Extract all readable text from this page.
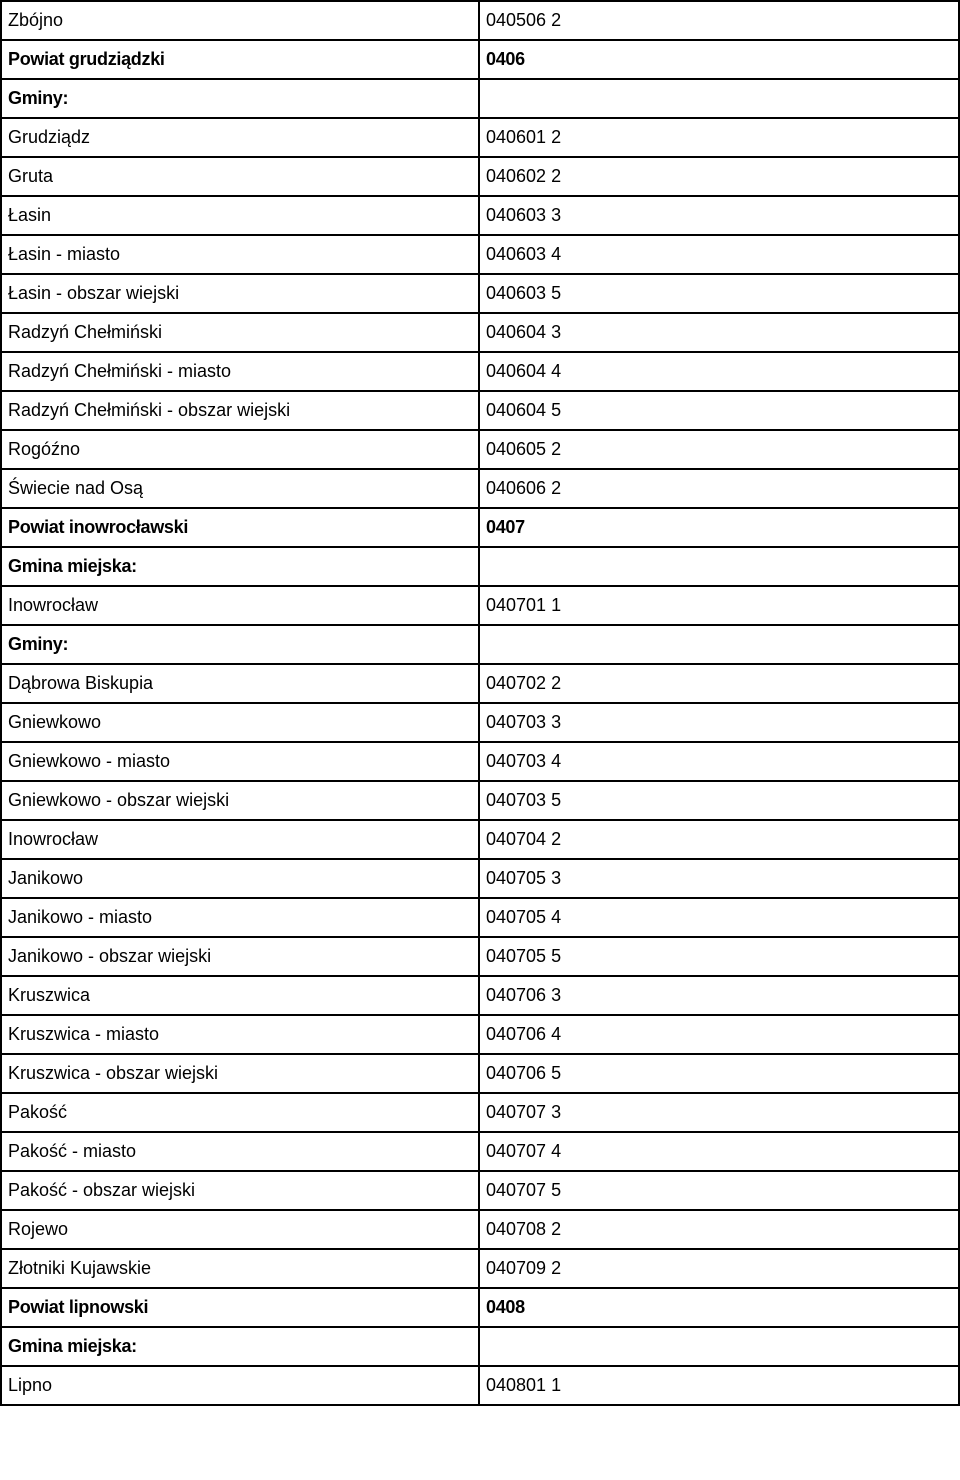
Zbójno	040506 2
Powiat grudziądzki	0406
Gminy:	
Grudziądz	040601 2
Gruta	040602 2
Łasin	040603 3
Łasin - miasto	040603 4
Łasin - obszar wiejski	040603 5
Radzyń Chełmiński	040604 3
Radzyń Chełmiński - miasto	040604 4
Radzyń Chełmiński - obszar wiejski	040604 5
Rogóźno	040605 2
Świecie nad Osą	040606 2
Powiat inowrocławski	0407
Gmina miejska:	
Inowrocław	040701 1
Gminy:	
Dąbrowa Biskupia	040702 2
Gniewkowo	040703 3
Gniewkowo - miasto	040703 4
Gniewkowo - obszar wiejski	040703 5
Inowrocław	040704 2
Janikowo	040705 3
Janikowo - miasto	040705 4
Janikowo - obszar wiejski	040705 5
Kruszwica	040706 3
Kruszwica - miasto	040706 4
Kruszwica - obszar wiejski	040706 5
Pakość	040707 3
Pakość - miasto	040707 4
Pakość - obszar wiejski	040707 5
Rojewo	040708 2
Złotniki Kujawskie	040709 2
Powiat lipnowski	0408
Gmina miejska:	
Lipno	040801 1
